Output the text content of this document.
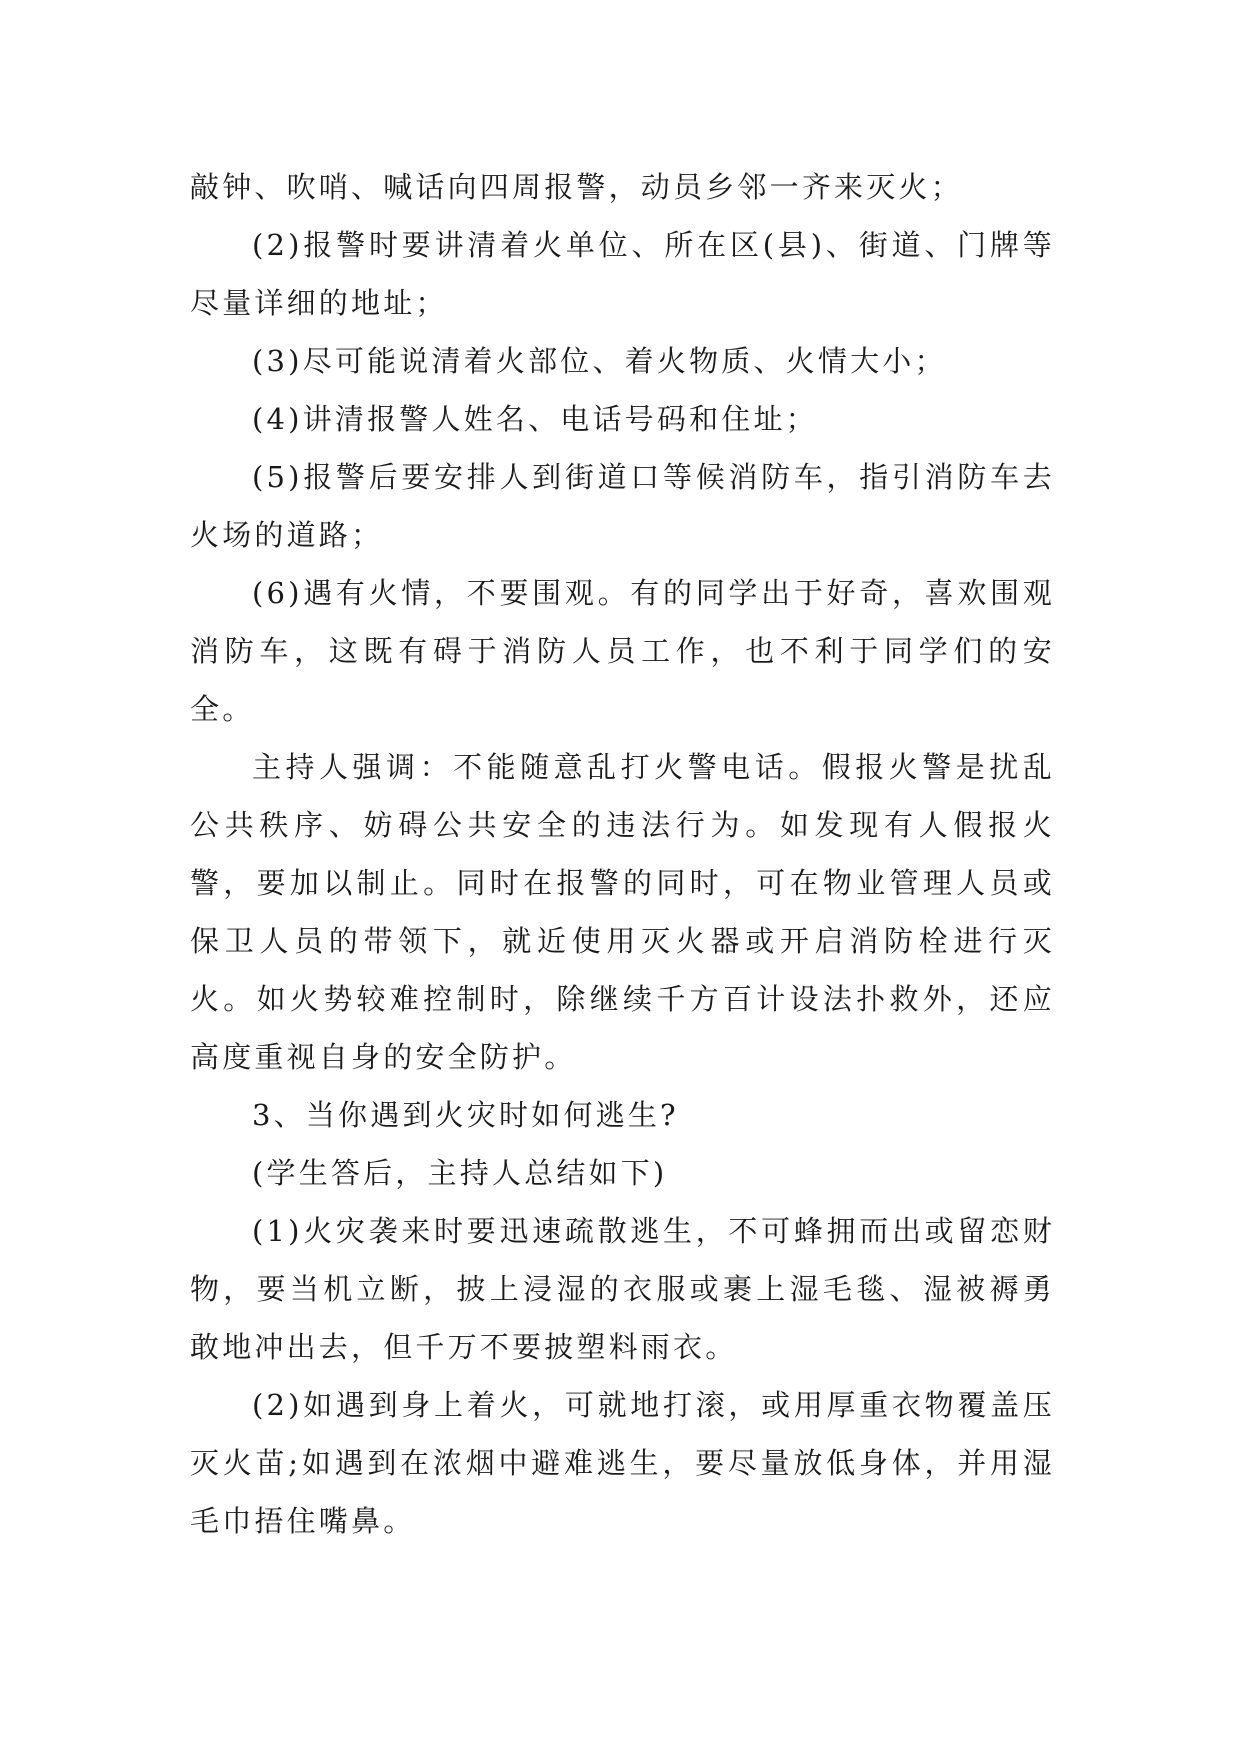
敲钟、吹哨、喊话向四周报警，动员乡邻一齐来灭火；

(2)报警时要讲清着火单位、所在区(县)、街道、门牌等尽量详细的地址；

(3)尽可能说清着火部位、着火物质、火情大小；

(4)讲清报警人姓名、电话号码和住址；

(5)报警后要安排人到街道口等候消防车，指引消防车去火场的道路；

(6)遇有火情，不要围观。有的同学出于好奇，喜欢围观消防车，这既有碍于消防人员工作，也不利于同学们的安全。

主持人强调：不能随意乱打火警电话。假报火警是扰乱公共秩序、妨碍公共安全的违法行为。如发现有人假报火警，要加以制止。同时在报警的同时，可在物业管理人员或保卫人员的带领下，就近使用灭火器或开启消防栓进行灭火。如火势较难控制时，除继续千方百计设法扑救外，还应高度重视自身的安全防护。

3、当你遇到火灾时如何逃生?

(学生答后，主持人总结如下)

(1)火灾袭来时要迅速疏散逃生，不可蜂拥而出或留恋财物，要当机立断，披上浸湿的衣服或裹上湿毛毯、湿被褥勇敢地冲出去，但千万不要披塑料雨衣。

(2)如遇到身上着火，可就地打滚，或用厚重衣物覆盖压灭火苗;如遇到在浓烟中避难逃生，要尽量放低身体，并用湿毛巾捂住嘴鼻。
